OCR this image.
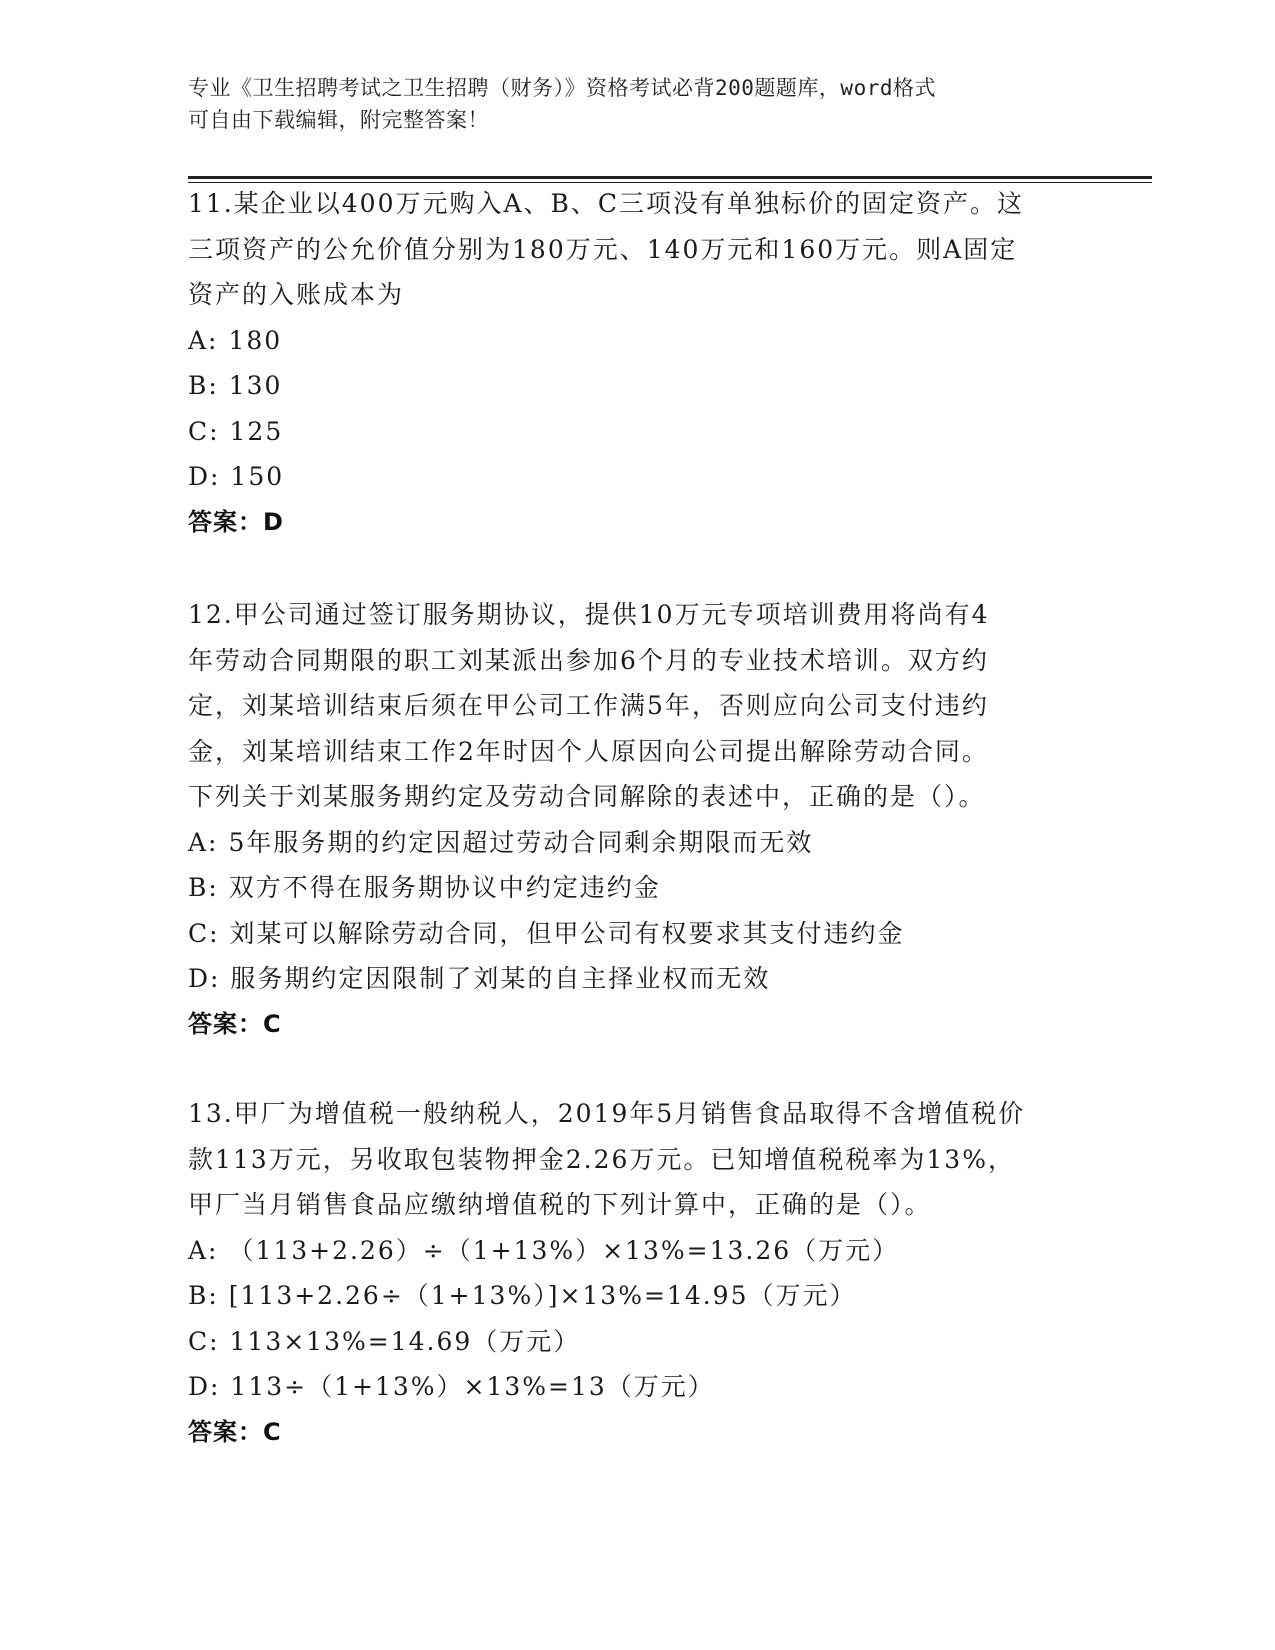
专业《卫生招聘考试之卫生招聘（财务）》资格考试必背200题题库，word格式
可自由下载编辑，附完整答案！
11.某企业以400万元购入A、B、C三项没有单独标价的固定资产。这
三项资产的公允价值分别为180万元、140万元和160万元。则A固定
资产的入账成本为
A: 180
B: 130
C: 125
D: 150
答案：D
12.甲公司通过签订服务期协议，提供10万元专项培训费用将尚有4
年劳动合同期限的职工刘某派出参加6个月的专业技术培训。双方约
定，刘某培训结束后须在甲公司工作满5年，否则应向公司支付违约
金，刘某培训结束工作2年时因个人原因向公司提出解除劳动合同。
下列关于刘某服务期约定及劳动合同解除的表述中，正确的是（）。
A: 5年服务期的约定因超过劳动合同剩余期限而无效
B: 双方不得在服务期协议中约定违约金
C: 刘某可以解除劳动合同，但甲公司有权要求其支付违约金
D: 服务期约定因限制了刘某的自主择业权而无效
答案：C
13.甲厂为增值税一般纳税人，2019年5月销售食品取得不含增值税价
款113万元，另收取包装物押金2.26万元。已知增值税税率为13%，
甲厂当月销售食品应缴纳增值税的下列计算中，正确的是（）。
A: （113+2.26）÷（1+13%）×13%=13.26（万元）
B: [113+2.26÷（1+13%）]×13%=14.95（万元）
C: 113×13%=14.69（万元）
D: 113÷（1+13%）×13%=13（万元）
答案：C
